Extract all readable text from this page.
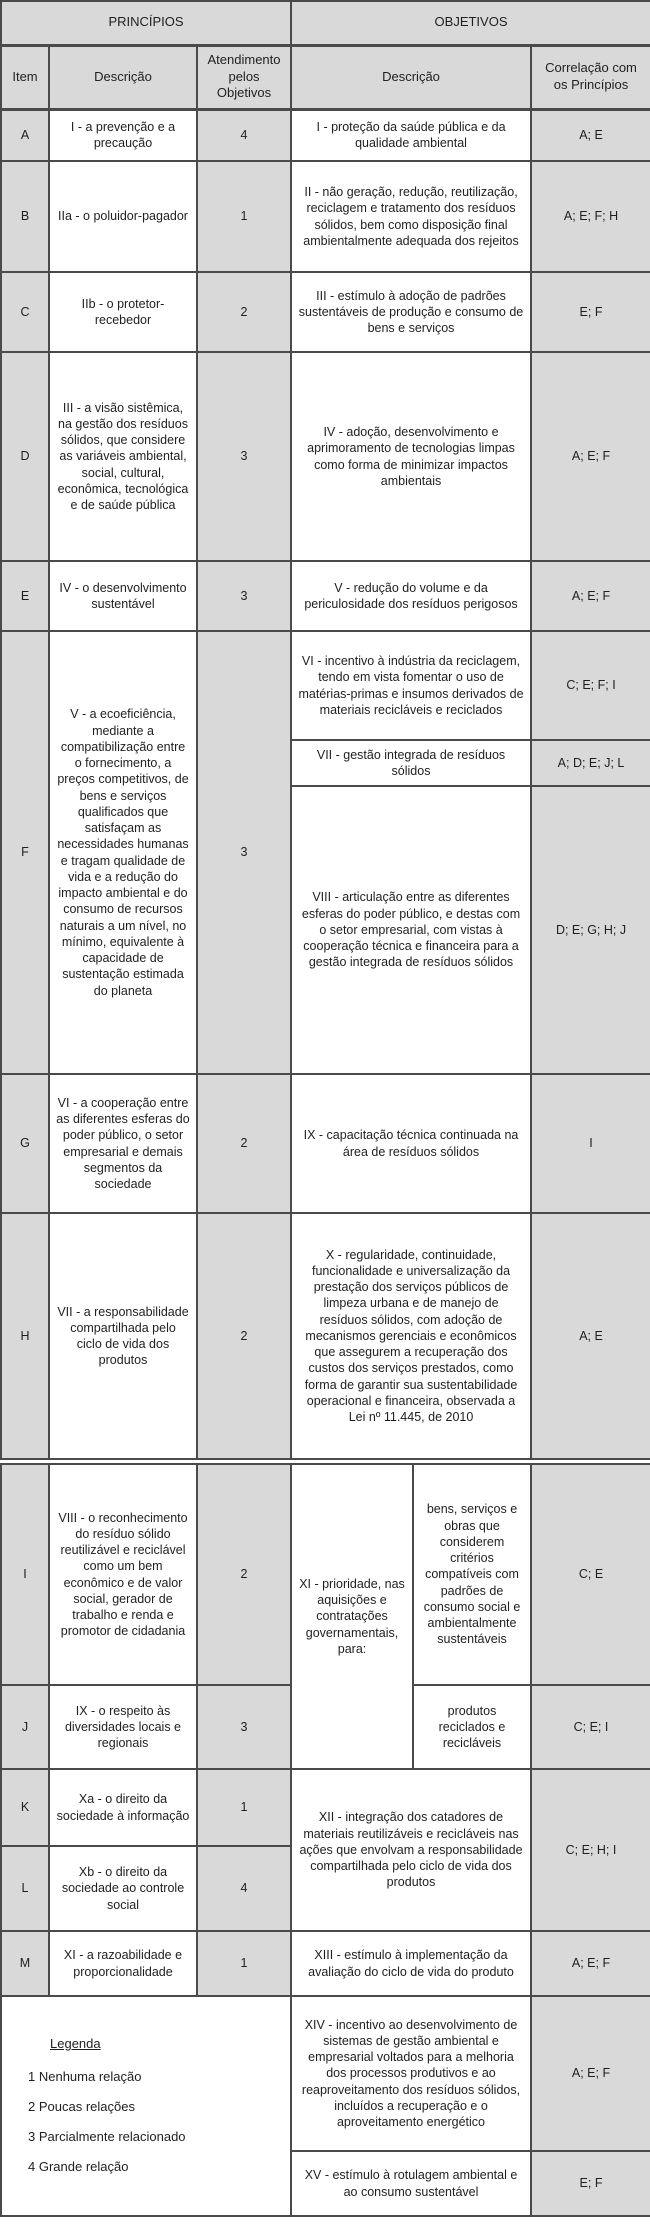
PRINCÍPIOS			OBJETIVOS	
Item	Descrição	Atendimento pelos Objetivos	Descrição	Correlação com os Princípios
A	I - a prevenção e a precaução	4	I - proteção da saúde pública e da qualidade ambiental	A; E
B	IIa - o poluidor-pagador	1	II - não geração, redução, reutilização, reciclagem e tratamento dos resíduos sólidos, bem como disposição final ambientalmente adequada dos rejeitos	A; E; F; H
C	IIb - o protetor-recebedor	2	III - estímulo à adoção de padrões sustentáveis de produção e consumo de bens e serviços	E; F
D	III - a visão sistêmica, na gestão dos resíduos sólidos, que considere as variáveis ambiental, social, cultural, econômica, tecnológica e de saúde pública	3	IV - adoção, desenvolvimento e aprimoramento de tecnologias limpas como forma de minimizar impactos ambientais	A; E; F
E	IV - o desenvolvimento sustentável	3	V - redução do volume e da periculosidade dos resíduos perigosos	A; E; F
F	V - a ecoeficiência, mediante a compatibilização entre o fornecimento, a preços competitivos, de bens e serviços qualificados que satisfaçam as necessidades humanas e tragam qualidade de vida e a redução do impacto ambiental e do consumo de recursos naturais a um nível, no mínimo, equivalente à capacidade de sustentação estimada do planeta	3	VI - incentivo à indústria da reciclagem, tendo em vista fomentar o uso de matérias-primas e insumos derivados de materiais recicláveis e reciclados	C; E; F; I
			VII - gestão integrada de resíduos sólidos	A; D; E; J; L
			VIII - articulação entre as diferentes esferas do poder público, e destas com o setor empresarial, com vistas à cooperação técnica e financeira para a gestão integrada de resíduos sólidos	D; E; G; H; J
G	VI - a cooperação entre as diferentes esferas do poder público, o setor empresarial e demais segmentos da sociedade	2	IX - capacitação técnica continuada na área de resíduos sólidos	I
H	VII - a responsabilidade compartilhada pelo ciclo de vida dos produtos	2	X - regularidade, continuidade, funcionalidade e universalização da prestação dos serviços públicos de limpeza urbana e de manejo de resíduos sólidos, com adoção de mecanismos gerenciais e econômicos que assegurem a recuperação dos custos dos serviços prestados, como forma de garantir sua sustentabilidade operacional e financeira, observada a Lei nº 11.445, de 2010	A; E
I	VIII - o reconhecimento do resíduo sólido reutilizável e reciclável como um bem econômico e de valor social, gerador de trabalho e renda e promotor de cidadania	2	XI - prioridade, nas aquisições e contratações governamentais, para:	bens, serviços e obras que considerem critérios compatíveis com padrões de consumo social e ambientalmente sustentáveis	C; E
J	IX - o respeito às diversidades locais e regionais	3		produtos reciclados e recicláveis	C; E; I
K	Xa - o direito da sociedade à informação	1	XII - integração dos catadores de materiais reutilizáveis e recicláveis nas ações que envolvam a responsabilidade compartilhada pelo ciclo de vida dos produtos		C; E; H; I
L	Xb - o direito da sociedade ao controle social	4			
M	XI - a razoabilidade e proporcionalidade	1	XIII - estímulo à implementação da avaliação do ciclo de vida do produto		A; E; F
Legenda
1 Nenhuma relação
2 Poucas relações
3 Parcialmente relacionado
4 Grande relação
	XIV - incentivo ao desenvolvimento de sistemas de gestão ambiental e empresarial voltados para a melhoria dos processos produtivos e ao reaproveitamento dos resíduos sólidos, incluídos a recuperação e o aproveitamento energético	A; E; F
			XV - estímulo à rotulagem ambiental e ao consumo sustentável		E; F
